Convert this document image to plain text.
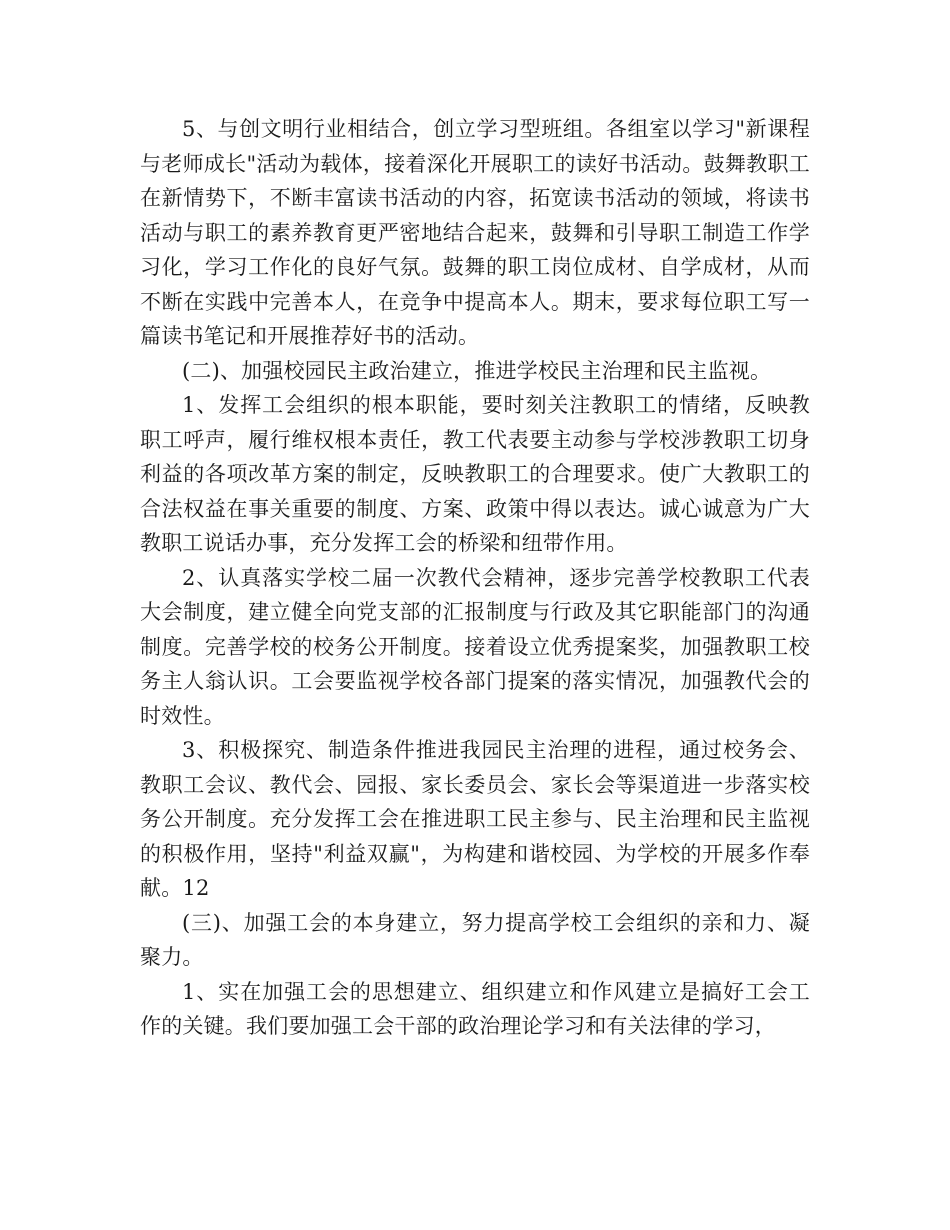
5、与创文明行业相结合，创立学习型班组。各组室以学习"新课程与老师成长"活动为载体，接着深化开展职工的读好书活动。鼓舞教职工在新情势下，不断丰富读书活动的内容，拓宽读书活动的领域，将读书活动与职工的素养教育更严密地结合起来，鼓舞和引导职工制造工作学习化，学习工作化的良好气氛。鼓舞的职工岗位成材、自学成材，从而不断在实践中完善本人，在竞争中提高本人。期末，要求每位职工写一篇读书笔记和开展推荐好书的活动。

(二)、加强校园民主政治建立，推进学校民主治理和民主监视。

1、发挥工会组织的根本职能，要时刻关注教职工的情绪，反映教职工呼声，履行维权根本责任，教工代表要主动参与学校涉教职工切身利益的各项改革方案的制定，反映教职工的合理要求。使广大教职工的合法权益在事关重要的制度、方案、政策中得以表达。诚心诚意为广大教职工说话办事，充分发挥工会的桥梁和纽带作用。

2、认真落实学校二届一次教代会精神，逐步完善学校教职工代表大会制度，建立健全向党支部的汇报制度与行政及其它职能部门的沟通制度。完善学校的校务公开制度。接着设立优秀提案奖，加强教职工校务主人翁认识。工会要监视学校各部门提案的落实情况，加强教代会的时效性。

3、积极探究、制造条件推进我园民主治理的进程，通过校务会、教职工会议、教代会、园报、家长委员会、家长会等渠道进一步落实校务公开制度。充分发挥工会在推进职工民主参与、民主治理和民主监视的积极作用，坚持"利益双赢"，为构建和谐校园、为学校的开展多作奉献。12

(三)、加强工会的本身建立，努力提高学校工会组织的亲和力、凝聚力。

1、实在加强工会的思想建立、组织建立和作风建立是搞好工会工作的关键。我们要加强工会干部的政治理论学习和有关法律的学习，
